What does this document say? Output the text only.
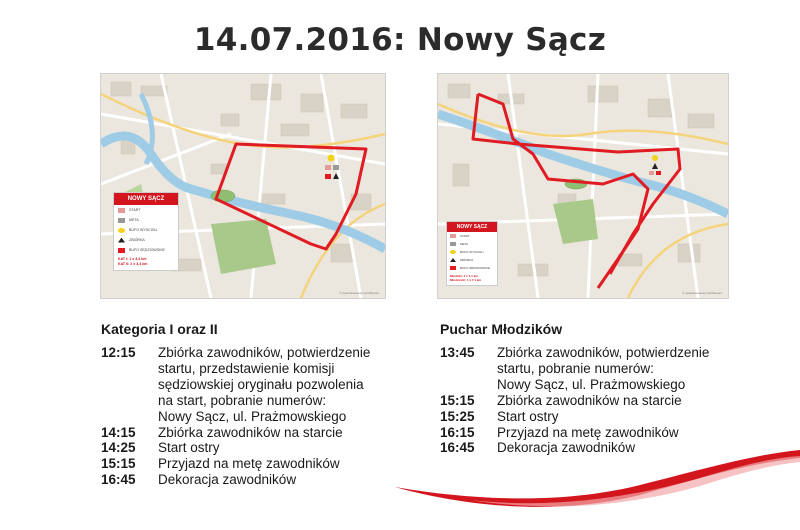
14.07.2016: Nowy Sącz
NOWY SĄCZ
START
META
BUFO WYSCIGU
ZBIÓRKA
BUFO SĘDZIOWSKIE
KAT I: 1 x 3,4 km
KAT II: 2 x 3,4 km
© openstreetmap contributors
NOWY SĄCZ
START
META
BUFO WYSCIGU
ZBIÓRKA
BUFO SĘDZIOWSKIE
Młodziki: 2 x 7,1 km
Młodziczki: 1 x 7,1 km
© openstreetmap contributors
Kategoria I oraz II
12:15	Zbiórka zawodników, potwierdzenie
startu, przedstawienie komisji
sędziowskiej oryginału pozwolenia
na start, pobranie numerów:
Nowy Sącz, ul. Prażmowskiego
14:15	Zbiórka zawodników na starcie
14:25	Start ostry
15:15	Przyjazd na metę zawodników
16:45	Dekoracja zawodników
Puchar Młodzików
13:45	Zbiórka zawodników, potwierdzenie
startu, pobranie numerów:
Nowy Sącz, ul. Prażmowskiego
15:15	Zbiórka zawodników na starcie
15:25	Start ostry
16:15	Przyjazd na metę zawodników
16:45	Dekoracja zawodników
